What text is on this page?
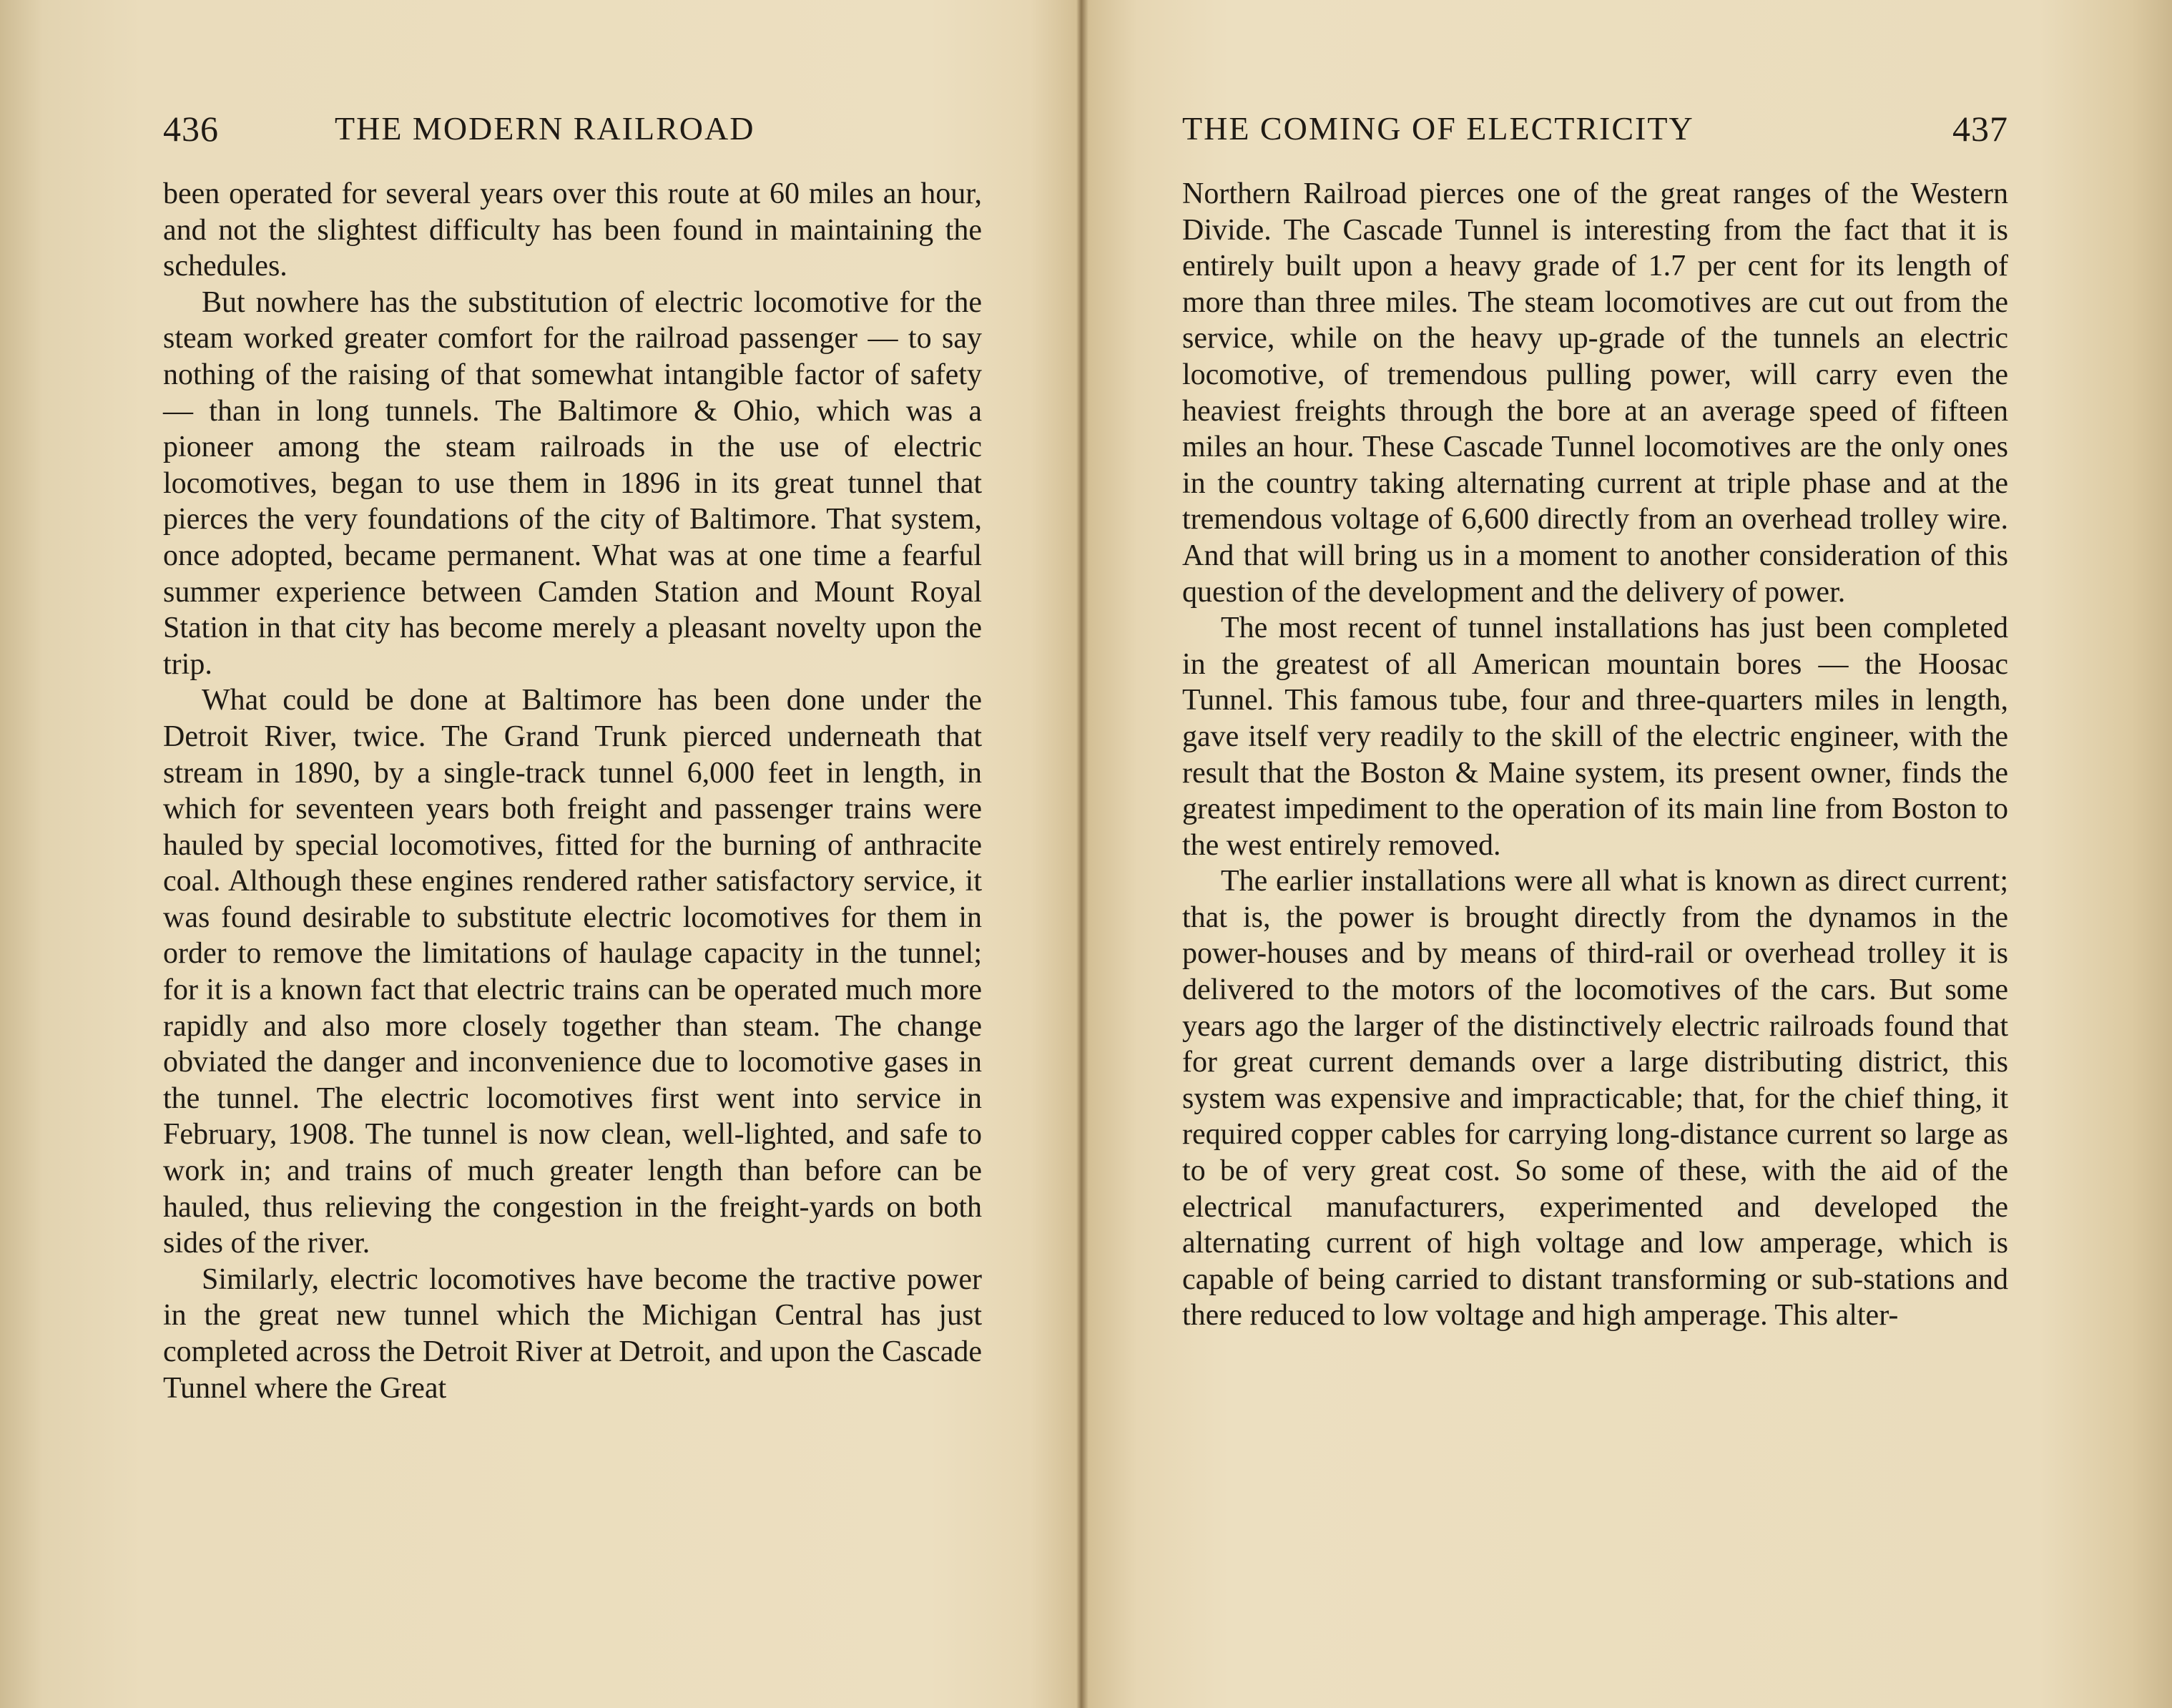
436	THE MODERN RAILROAD

been operated for several years over this route at 60 miles an hour, and not the slightest difficulty has been found in maintaining the schedules.

But nowhere has the substitution of electric locomotive for the steam worked greater comfort for the railroad passenger — to say nothing of the raising of that somewhat intangible factor of safety — than in long tunnels. The Baltimore & Ohio, which was a pioneer among the steam railroads in the use of electric locomotives, began to use them in 1896 in its great tunnel that pierces the very foundations of the city of Baltimore. That system, once adopted, became permanent. What was at one time a fearful summer experience between Camden Station and Mount Royal Station in that city has become merely a pleasant novelty upon the trip.

What could be done at Baltimore has been done under the Detroit River, twice. The Grand Trunk pierced underneath that stream in 1890, by a single-track tunnel 6,000 feet in length, in which for seventeen years both freight and passenger trains were hauled by special locomotives, fitted for the burning of anthracite coal. Although these engines rendered rather satisfactory service, it was found desirable to substitute electric locomotives for them in order to remove the limitations of haulage capacity in the tunnel; for it is a known fact that electric trains can be operated much more rapidly and also more closely together than steam. The change obviated the danger and inconvenience due to locomotive gases in the tunnel. The electric locomotives first went into service in February, 1908. The tunnel is now clean, well-lighted, and safe to work in; and trains of much greater length than before can be hauled, thus relieving the congestion in the freight-yards on both sides of the river.

Similarly, electric locomotives have become the tractive power in the great new tunnel which the Michigan Central has just completed across the Detroit River at Detroit, and upon the Cascade Tunnel where the Great

THE COMING OF ELECTRICITY	437

Northern Railroad pierces one of the great ranges of the Western Divide. The Cascade Tunnel is interesting from the fact that it is entirely built upon a heavy grade of 1.7 per cent for its length of more than three miles. The steam locomotives are cut out from the service, while on the heavy up-grade of the tunnels an electric locomotive, of tremendous pulling power, will carry even the heaviest freights through the bore at an average speed of fifteen miles an hour. These Cascade Tunnel locomotives are the only ones in the country taking alternating current at triple phase and at the tremendous voltage of 6,600 directly from an overhead trolley wire. And that will bring us in a moment to another consideration of this question of the development and the delivery of power.

The most recent of tunnel installations has just been completed in the greatest of all American mountain bores — the Hoosac Tunnel. This famous tube, four and three-quarters miles in length, gave itself very readily to the skill of the electric engineer, with the result that the Boston & Maine system, its present owner, finds the greatest impediment to the operation of its main line from Boston to the west entirely removed.

The earlier installations were all what is known as direct current; that is, the power is brought directly from the dynamos in the power-houses and by means of third-rail or overhead trolley it is delivered to the motors of the locomotives of the cars. But some years ago the larger of the distinctively electric railroads found that for great current demands over a large distributing district, this system was expensive and impracticable; that, for the chief thing, it required copper cables for carrying long-distance current so large as to be of very great cost. So some of these, with the aid of the electrical manufacturers, experimented and developed the alternating current of high voltage and low amperage, which is capable of being carried to distant transforming or sub-stations and there reduced to low voltage and high amperage. This alter-
